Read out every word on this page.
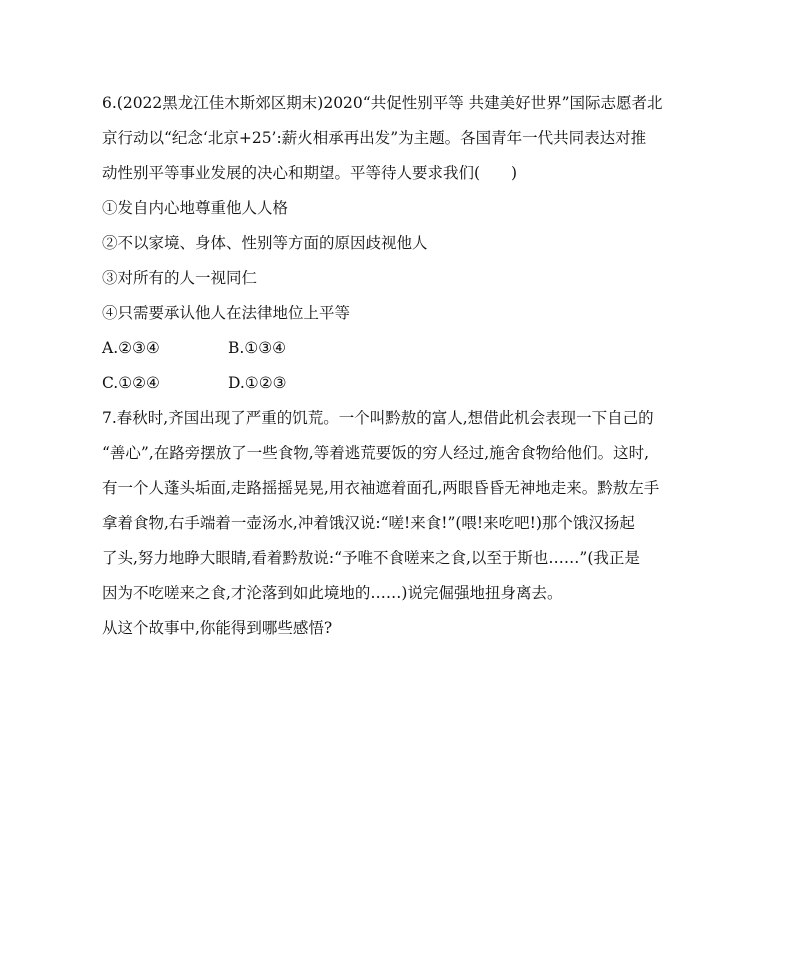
6.(2022黑龙江佳木斯郊区期末)2020“共促性别平等 共建美好世界”国际志愿者北
京行动以“纪念‘北京+25’:薪火相承再出发”为主题。各国青年一代共同表达对推
动性别平等事业发展的决心和期望。平等待人要求我们(　　)
①发自内心地尊重他人人格
②不以家境、身体、性别等方面的原因歧视他人
③对所有的人一视同仁
④只需要承认他人在法律地位上平等
A.②③④	B.①③④
C.①②④	D.①②③
7.春秋时,齐国出现了严重的饥荒。一个叫黔敖的富人,想借此机会表现一下自己的
“善心”,在路旁摆放了一些食物,等着逃荒要饭的穷人经过,施舍食物给他们。这时,
有一个人蓬头垢面,走路摇摇晃晃,用衣袖遮着面孔,两眼昏昏无神地走来。黔敖左手
拿着食物,右手端着一壶汤水,冲着饿汉说:“嗟!来食!”(喂!来吃吧!)那个饿汉扬起
了头,努力地睁大眼睛,看着黔敖说:“予唯不食嗟来之食,以至于斯也……”(我正是
因为不吃嗟来之食,才沦落到如此境地的……)说完倔强地扭身离去。
从这个故事中,你能得到哪些感悟?
